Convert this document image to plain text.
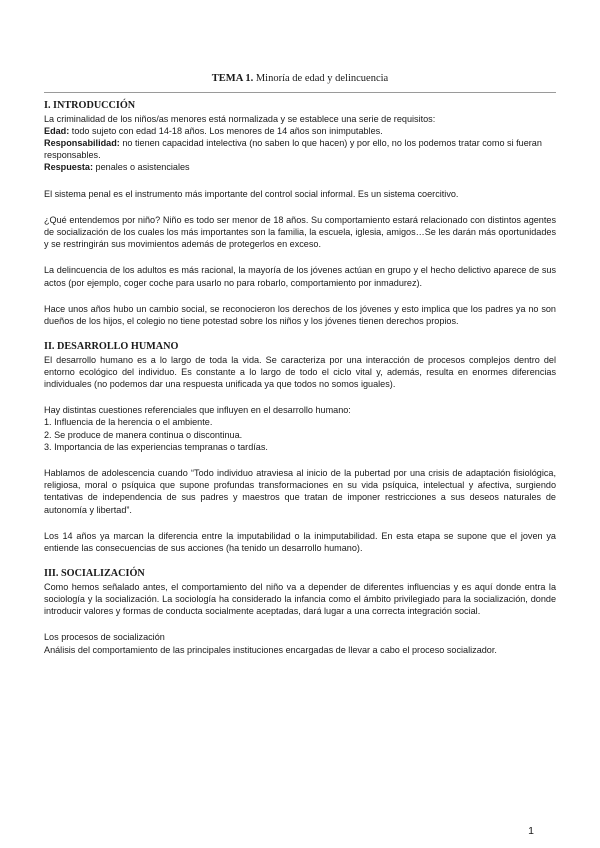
TEMA 1. Minoría de edad y delincuencia

I. INTRODUCCIÓN

La criminalidad de los niños/as menores está normalizada y se establece una serie de requisitos:

Edad: todo sujeto con edad 14-18 años. Los menores de 14 años son inimputables.

Responsabilidad: no tienen capacidad intelectiva (no saben lo que hacen) y por ello, no los podemos tratar como si fueran responsables.

Respuesta: penales o asistenciales

El sistema penal es el instrumento más importante del control social informal. Es un sistema coercitivo.

¿Qué entendemos por niño? Niño es todo ser menor de 18 años. Su comportamiento estará relacionado con distintos agentes de socialización de los cuales los más importantes son la familia, la escuela, iglesia, amigos…Se les darán más oportunidades y se restringirán sus movimientos además de protegerlos en exceso.

La delincuencia de los adultos es más racional, la mayoría de los jóvenes actúan en grupo y el hecho delictivo aparece de sus actos (por ejemplo, coger coche para usarlo no para robarlo, comportamiento por inmadurez).

Hace unos años hubo un cambio social, se reconocieron los derechos de los jóvenes y esto implica que los padres ya no son dueños de los hijos, el colegio no tiene potestad sobre los niños y los jóvenes tienen derechos propios.

II. DESARROLLO HUMANO

El desarrollo humano es a lo largo de toda la vida. Se caracteriza por una interacción de procesos complejos dentro del entorno ecológico del individuo. Es constante a lo largo de todo el ciclo vital y, además, resulta en enormes diferencias individuales (no podemos dar una respuesta unificada ya que todos no somos iguales).

Hay distintas cuestiones referenciales que influyen en el desarrollo humano:

1. Influencia de la herencia o el ambiente.

2. Se produce de manera continua o discontinua.

3. Importancia de las experiencias tempranas o tardías.

Hablamos de adolescencia cuando “Todo individuo atraviesa al inicio de la pubertad por una crisis de adaptación fisiológica, religiosa, moral o psíquica que supone profundas transformaciones en su vida psíquica, intelectual y afectiva, surgiendo tentativas de independencia de sus padres y maestros que tratan de imponer restricciones a sus deseos naturales de autonomía y libertad”.

Los 14 años ya marcan la diferencia entre la imputabilidad o la inimputabilidad. En esta etapa se supone que el joven ya entiende las consecuencias de sus acciones (ha tenido un desarrollo humano).

III. SOCIALIZACIÓN

Como hemos señalado antes, el comportamiento del niño va a depender de diferentes influencias y es aquí donde entra la sociología y la socialización. La sociología ha considerado la infancia como el ámbito privilegiado para la socialización, donde introducir valores y formas de conducta socialmente aceptadas, dará lugar a una correcta integración social.

Los procesos de socialización

Análisis del comportamiento de las principales instituciones encargadas de llevar a cabo el proceso socializador.

1
